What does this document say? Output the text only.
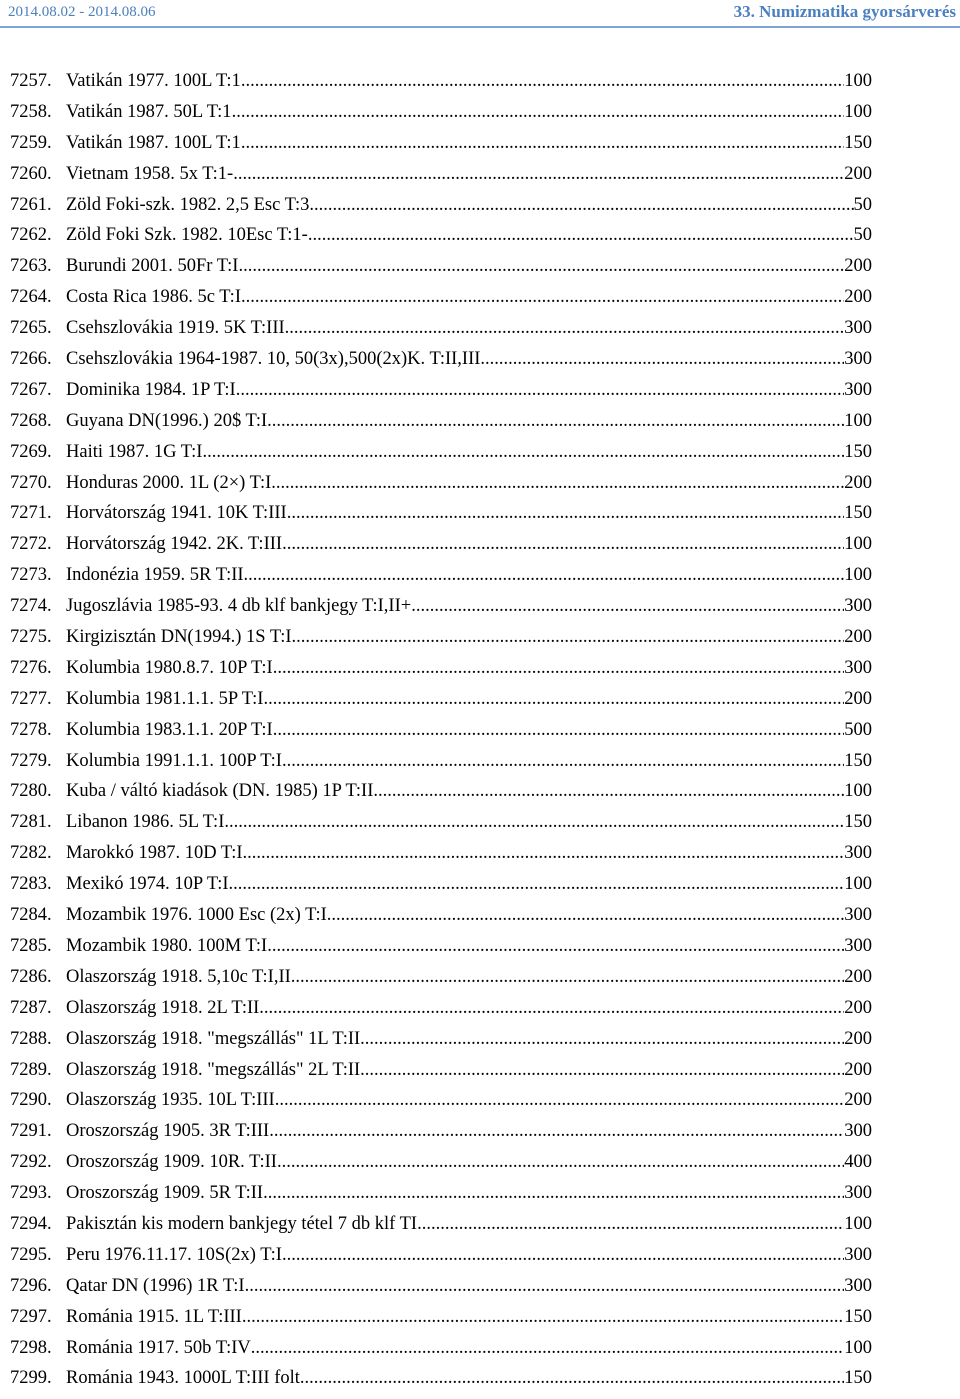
2014.08.02 - 2014.08.06	33. Numizmatika gyorsárverés
7257. Vatikán 1977. 100L T:1 .....	100
7258. Vatikán 1987. 50L T:1 .....	100
7259. Vatikán 1987. 100L T:1 .....	150
7260. Vietnam 1958. 5x T:1- .....	200
7261. Zöld Foki-szk. 1982. 2,5 Esc T:3 .....	50
7262. Zöld Foki Szk. 1982. 10Esc T:1- .....	50
7263. Burundi 2001. 50Fr T:I .....	200
7264. Costa Rica 1986. 5c T:I .....	200
7265. Csehszlovákia 1919. 5K T:III .....	300
7266. Csehszlovákia 1964-1987. 10, 50(3x),500(2x)K. T:II,III .....	300
7267. Dominika 1984. 1P T:I .....	300
7268. Guyana DN(1996.) 20$ T:I .....	100
7269. Haiti 1987. 1G T:I .....	150
7270. Honduras 2000. 1L (2×) T:I .....	200
7271. Horvátország 1941. 10K T:III .....	150
7272. Horvátország 1942. 2K. T:III .....	100
7273. Indonézia 1959. 5R T:II .....	100
7274. Jugoszlávia 1985-93. 4 db klf bankjegy T:I,II+ .....	300
7275. Kirgizisztán DN(1994.) 1S T:I .....	200
7276. Kolumbia 1980.8.7. 10P T:I .....	300
7277. Kolumbia 1981.1.1. 5P T:I .....	200
7278. Kolumbia 1983.1.1. 20P T:I .....	500
7279. Kolumbia 1991.1.1. 100P T:I .....	150
7280. Kuba / váltó kiadások (DN. 1985) 1P T:II .....	100
7281. Libanon 1986. 5L T:I .....	150
7282. Marokkó 1987. 10D T:I .....	300
7283. Mexikó 1974. 10P T:I .....	100
7284. Mozambik 1976. 1000 Esc (2x) T:I .....	300
7285. Mozambik 1980. 100M T:I .....	300
7286. Olaszország 1918. 5,10c T:I,II .....	200
7287. Olaszország 1918. 2L T:II .....	200
7288. Olaszország 1918. "megszállás" 1L T:II .....	200
7289. Olaszország 1918. "megszállás" 2L T:II .....	200
7290. Olaszország 1935. 10L T:III .....	200
7291. Oroszország 1905. 3R T:III .....	300
7292. Oroszország 1909. 10R. T:II .....	400
7293. Oroszország 1909. 5R T:II .....	300
7294. Pakisztán kis modern bankjegy tétel 7 db klf TI .....	100
7295. Peru 1976.11.17. 10S(2x) T:I .....	300
7296. Qatar DN (1996) 1R T:I .....	300
7297. Románia 1915. 1L T:III .....	150
7298. Románia 1917. 50b T:IV .....	100
7299. Románia 1943. 1000L T:III folt .....	150
